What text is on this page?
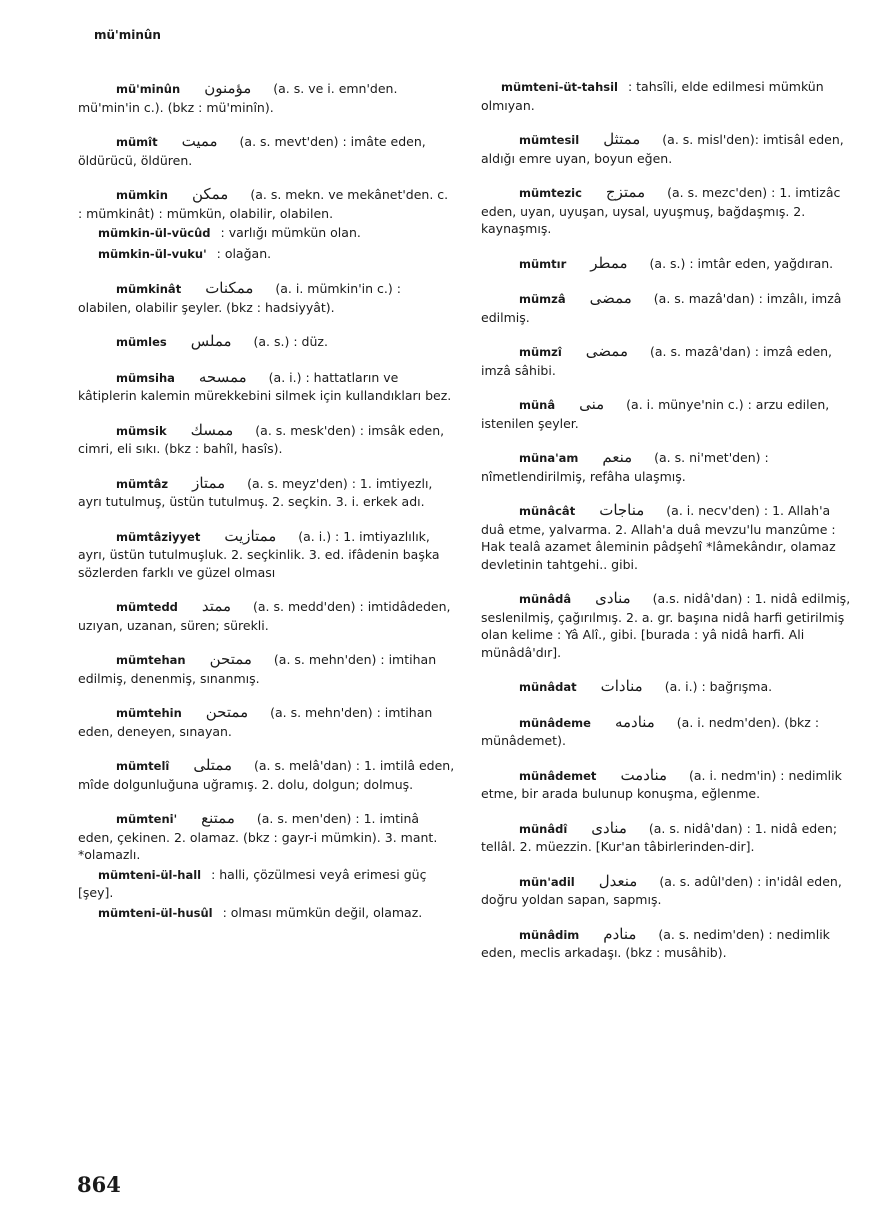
mü'minûn
mü'minûn مؤمنون (a. s. ve i. emn'den. mü'min'in c.). (bkz : mü'minîn).
mümît مميت (a. s. mevt'den) : imâte eden, öldürücü, öldüren.
mümkin ممكن (a. s. mekn. ve mekânet'den. c. : mümkinât) : mümkün, olabilir, olabilen.
mümkin-ül-vücûd : varlığı mümkün olan.
mümkin-ül-vuku' : olağan.
mümkinât ممكنات (a. i. mümkin'in c.) : olabilen, olabilir şeyler. (bkz : hadsiyyât).
mümles مملس (a. s.) : düz.
mümsiha ممسحه (a. i.) : hattatların ve kâtiplerin kalemin mürekkebini silmek için kullandıkları bez.
mümsik ممسك (a. s. mesk'den) : imsâk eden, cimri, eli sıkı. (bkz : bahîl, hasîs).
mümtâz ممتاز (a. s. meyz'den) : 1. imtiyezlı, ayrı tutulmuş, üstün tutulmuş. 2. seçkin. 3. i. erkek adı.
mümtâziyyet ممتازيت (a. i.) : 1. imtiyazlılık, ayrı, üstün tutulmuşluk. 2. seçkinlik. 3. ed. ifâdenin başka sözlerden farklı ve güzel olması
mümtedd ممتد (a. s. medd'den) : imtidâdeden, uzıyan, uzanan, süren; sürekli.
mümtehan ممتحن (a. s. mehn'den) : imtihan edilmiş, denenmiş, sınanmış.
mümtehin ممتحن (a. s. mehn'den) : imtihan eden, deneyen, sınayan.
mümtelî ممتلى (a. s. melâ'dan) : 1. imtilâ eden, mîde dolgunluğuna uğramış. 2. dolu, dolgun; dolmuş.
mümteni' ممتنع (a. s. men'den) : 1. imtinâ eden, çekinen. 2. olamaz. (bkz : gayr-i mümkin). 3. mant. *olamazlı.
mümteni-ül-hall : halli, çözülmesi veyâ erimesi güç [şey].
mümteni-ül-husûl : olması mümkün değil, olamaz.
mümteni-üt-tahsil : tahsîli, elde edilmesi mümkün olmıyan.
mümtesil ممتثل (a. s. misl'den): imtisâl eden, aldığı emre uyan, boyun eğen.
mümtezic ممتزج (a. s. mezc'den) : 1. imtizâc eden, uyan, uyuşan, uysal, uyuşmuş, bağdaşmış. 2. kaynaşmış.
mümtır ممطر (a. s.) : imtâr eden, yağdıran.
mümzâ ممضى (a. s. mazâ'dan) : imzâlı, imzâ edilmiş.
mümzî ممضى (a. s. mazâ'dan) : imzâ eden, imzâ sâhibi.
münâ منى (a. i. münye'nin c.) : arzu edilen, istenilen şeyler.
müna'am منعم (a. s. ni'met'den) : nîmetlendirilmiş, refâha ulaşmış.
münâcât مناجات (a. i. necv'den) : 1. Allah'a duâ etme, yalvarma. 2. Allah'a duâ mevzu'lu manzûme : Hak tealâ azamet âleminin pâdşehî *lâmekândır, olamaz devletinin tahtgehi.. gibi.
münâdâ منادى (a.s. nidâ'dan) : 1. nidâ edilmiş, seslenilmiş, çağırılmış. 2. a. gr. başına nidâ harfi getirilmiş olan kelime : Yâ Alî., gibi. [burada : yâ nidâ harfi. Ali münâdâ'dır].
münâdat منادات (a. i.) : bağrışma.
münâdeme منادمه (a. i. nedm'den). (bkz : münâdemet).
münâdemet منادمت (a. i. nedm'in) : nedimlik etme, bir arada bulunup konuşma, eğlenme.
münâdî منادى (a. s. nidâ'dan) : 1. nidâ eden; tellâl. 2. müezzin. [Kur'an tâbirlerinden-dir].
mün'adil منعدل (a. s. adûl'den) : in'idâl eden, doğru yoldan sapan, sapmış.
münâdim منادم (a. s. nedim'den) : nedimlik eden, meclis arkadaşı. (bkz : musâhib).
864
